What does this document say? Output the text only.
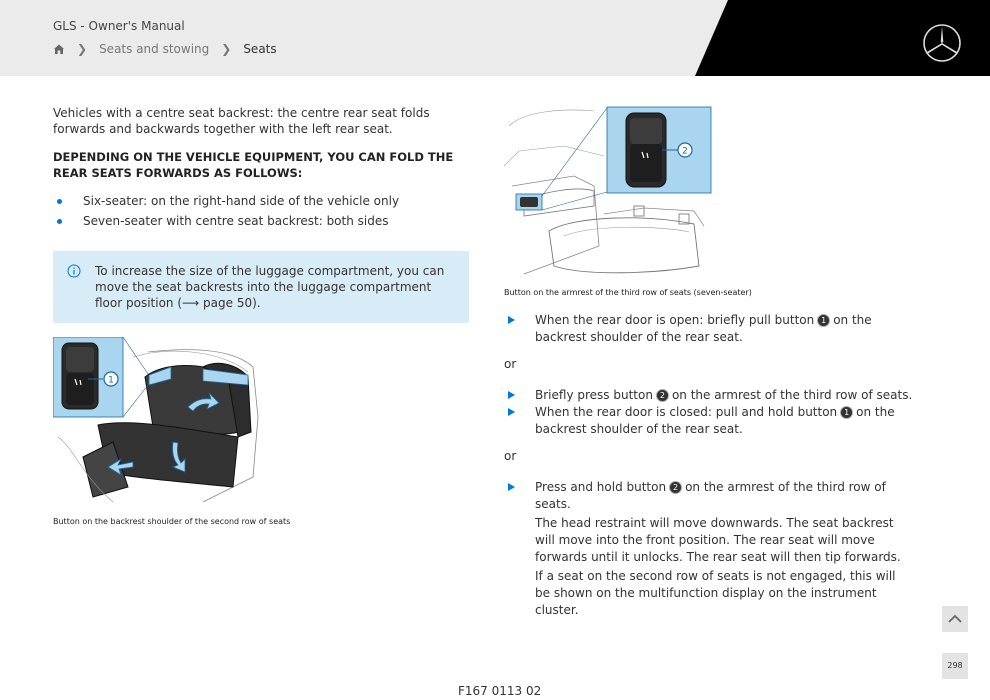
GLS - Owner's Manual
❯ Seats and stowing ❯ Seats

Vehicles with a centre seat backrest: the centre rear seat folds forwards and backwards together with the left rear seat.

DEPENDING ON THE VEHICLE EQUIPMENT, YOU CAN FOLD THE REAR SEATS FORWARDS AS FOLLOWS:

Six-seater: on the right-hand side of the vehicle only
Seven-seater with centre seat backrest: both sides
To increase the size of the luggage compartment, you can move the seat backrests into the luggage compartment floor position (⟶ page 50).
1
Button on the backrest shoulder of the second row of seats
2
Button on the armrest of the third row of seats (seven-seater)
When the rear door is open: briefly pull button 1 on the backrest shoulder of the rear seat.
or
Briefly press button 2 on the armrest of the third row of seats.
When the rear door is closed: pull and hold button 1 on the backrest shoulder of the rear seat.
or
Press and hold button 2 on the armrest of the third row of seats.

The head restraint will move downwards. The seat backrest will move into the front position. The rear seat will move forwards until it unlocks. The rear seat will then tip forwards.

If a seat on the second row of seats is not engaged, this will be shown on the multifunction display on the instrument cluster.

298
F167 0113 02
